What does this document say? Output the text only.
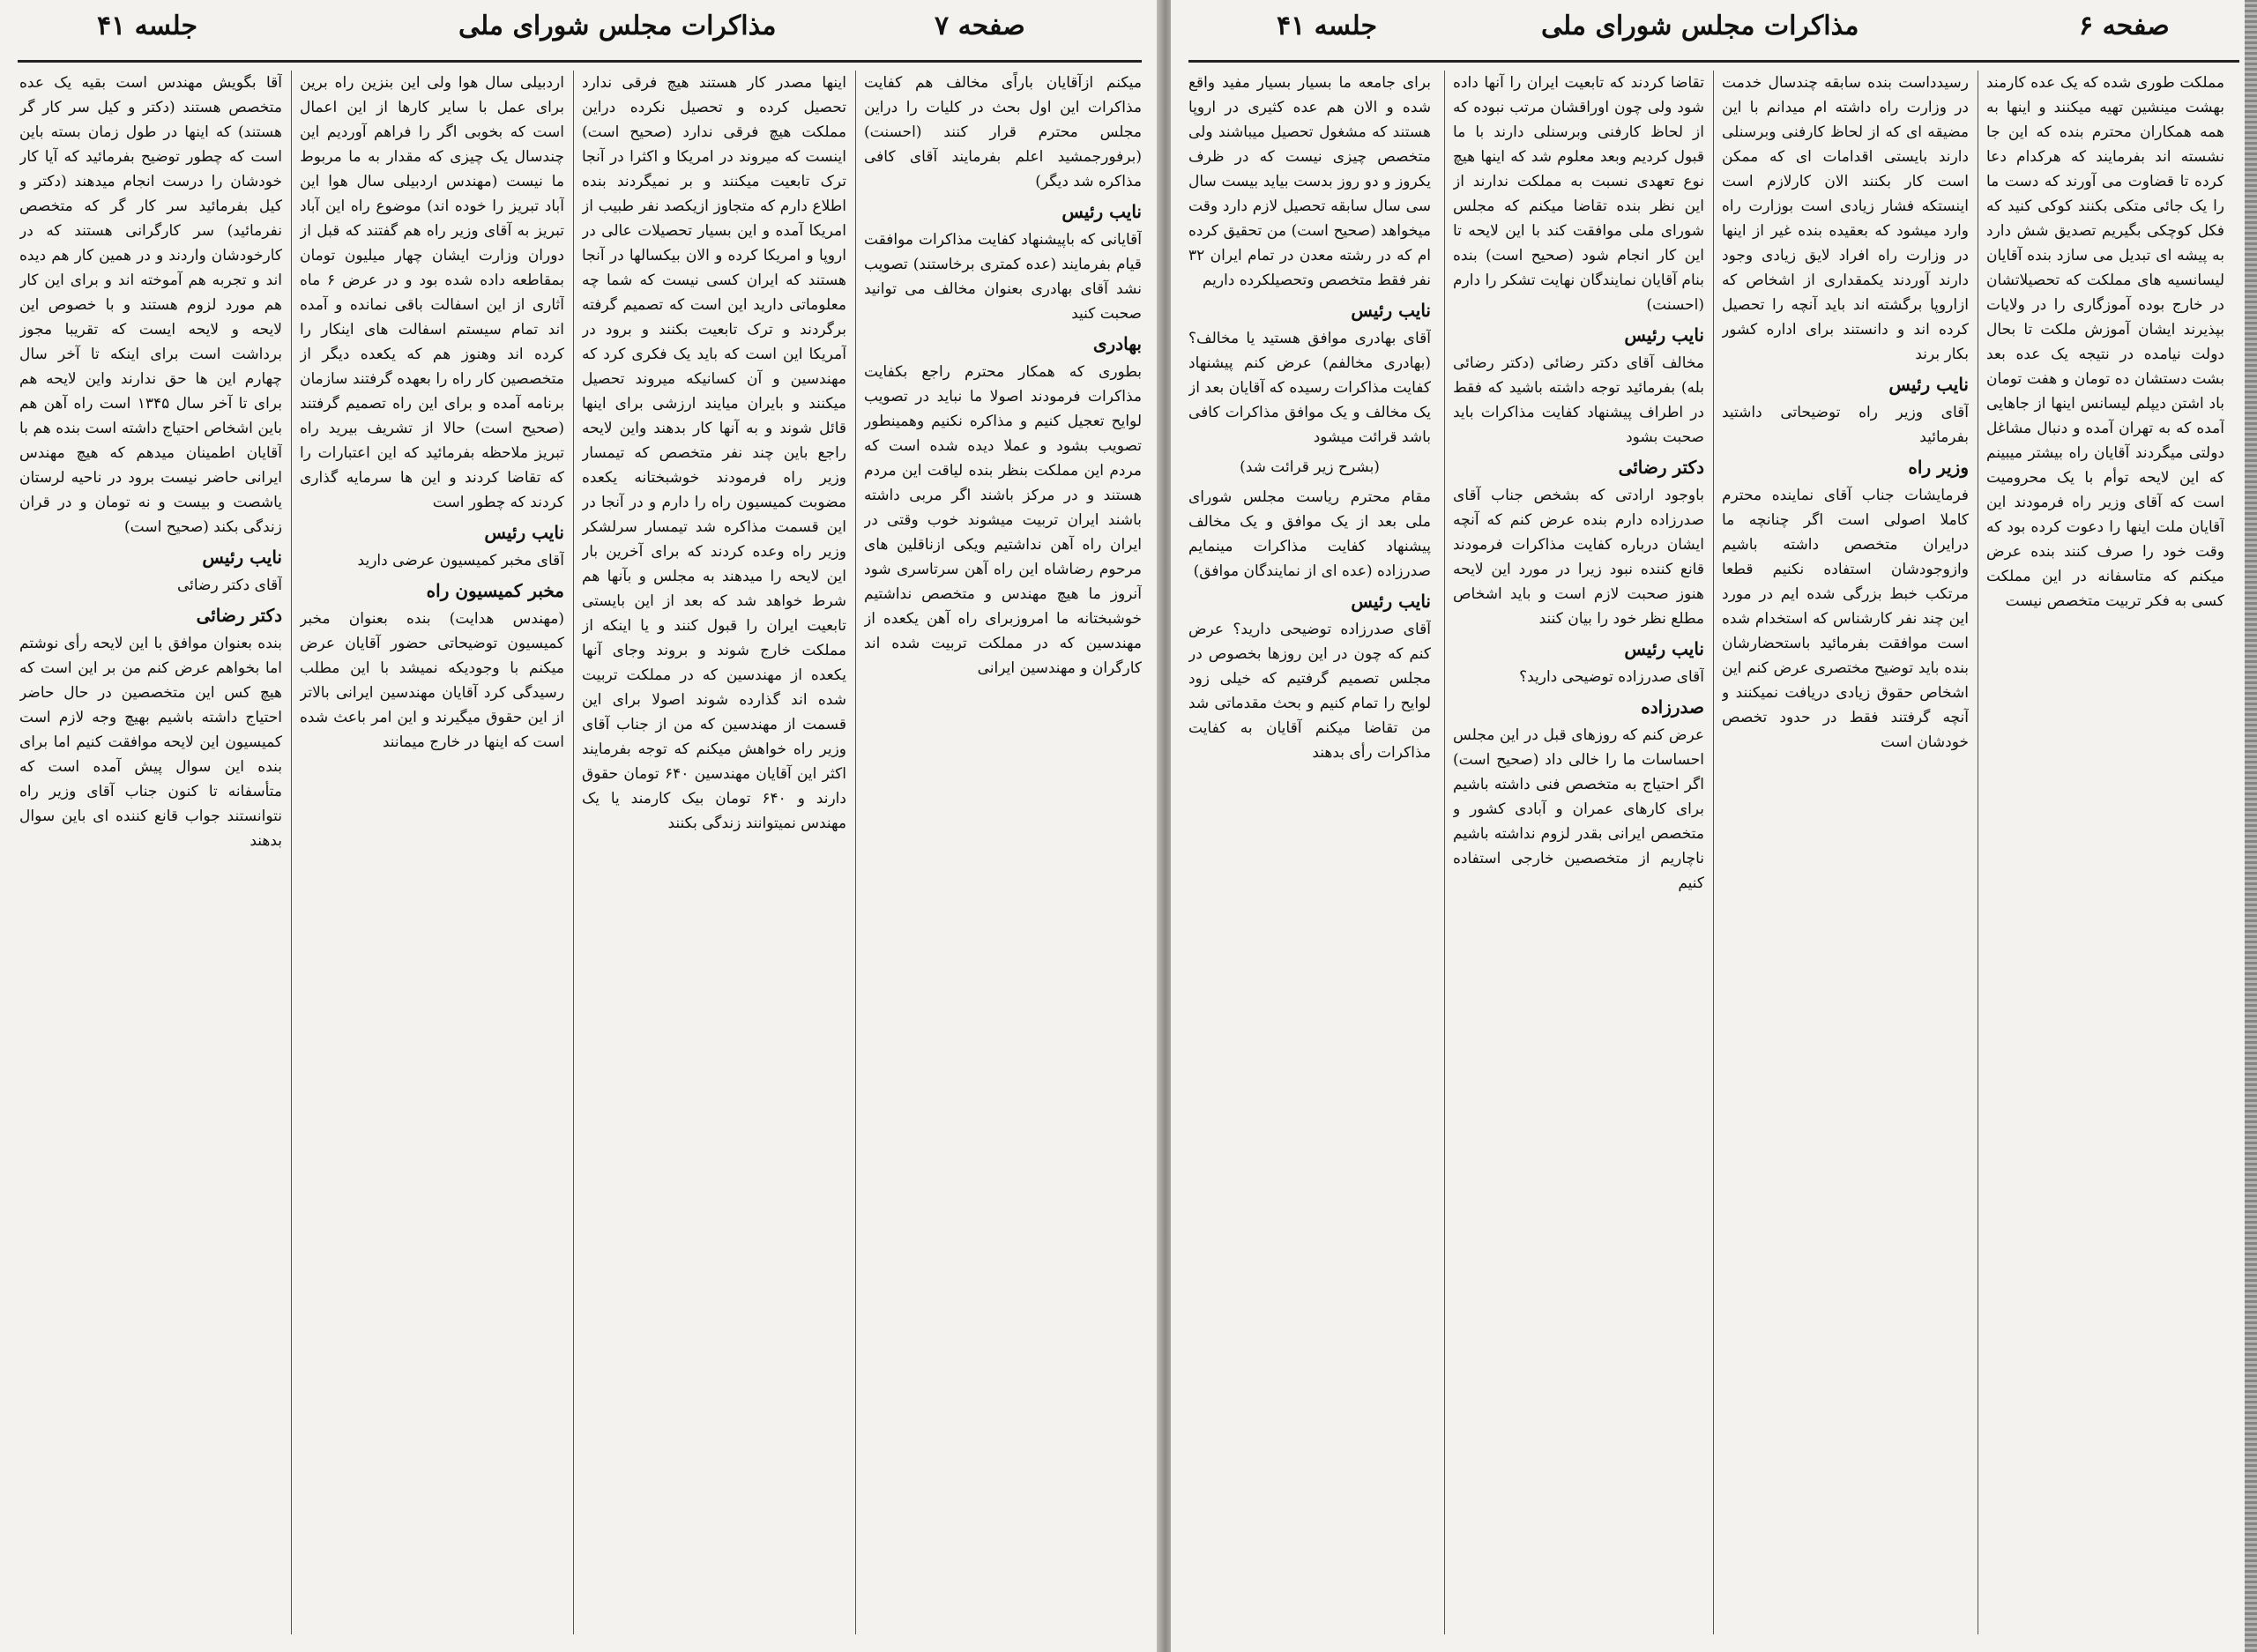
جلسه ۴۱	مذاکرات مجلس شورای ملی	صفحه ۷

میکنم ازآقایان باراًی مخالف هم کفایت مذاکرات این اول بحث در کلیات را دراین مجلس محترم قرار کنند (احسنت) (برفورجمشید اعلم بفرمایند آقای کافی مذاکره شد دیگر)

نایب رئیس

آقایانی که باپیشنهاد کفایت مذاکرات موافقت قیام بفرمایند (عده کمتری برخاستند) تصویب نشد آقای بهادری بعنوان مخالف می توانید صحبت کنید

بهادری

بطوری که همکار محترم راجع بکفایت مذاکرات فرمودند اصولا ما نباید در تصویب لوایح تعجیل کنیم و مذاکره نکنیم وهمینطور تصویب بشود و عملا دیده شده است که مردم این مملکت بنظر بنده لیاقت این مردم هستند و در مرکز باشند اگر مربی داشته باشند ایران تربیت میشوند خوب وقتی در ایران راه آهن نداشتیم ویکی ازناقلین های مرحوم رضاشاه این راه آهن سرتاسری شود آنروز ما هیچ مهندس و متخصص نداشتیم خوشبختانه ما امروزبرای راه آهن یکعده از مهندسین که در مملکت تربیت شده اند کارگران و مهندسین ایرانی

اینها مصدر کار هستند هیچ فرقی ندارد تحصیل کرده و تحصیل نکرده دراین مملکت هیچ فرقی ندارد (صحیح است) اینست که میروند در امریکا و اکثرا در آنجا ترک تابعیت میکنند و بر نمیگردند بنده اطلاع دارم که متجاوز ازیکصد نفر طبیب از امریکا آمده و این بسیار تحصیلات عالی در اروپا و امریکا کرده و الان بیکسالها در آنجا هستند که ایران کسی نیست که شما چه معلوماتی دارید این است که تصمیم گرفته برگردند و ترک تابعیت بکنند و برود در آمریکا این است که باید یک فکری کرد که مهندسین و آن کسانیکه میروند تحصیل میکنند و بایران میایند ارزشی برای اینها قائل شوند و به آنها کار بدهند واین لایحه راجع باین چند نفر متخصص که تیمسار وزیر راه فرمودند خوشبختانه یکعده مضوبت کمیسیون راه را دارم و در آنجا در این قسمت مذاکره شد تیمسار سرلشکر وزیر راه وعده کردند که برای آخرین بار این لایحه را میدهند به مجلس و بآنها هم شرط خواهد شد که بعد از این بایستی تابعیت ایران را قبول کنند و یا اینکه از مملکت خارج شوند و بروند وجای آنها یکعده از مهندسین که در مملکت تربیت شده اند گذارده شوند اصولا برای این قسمت از مهندسین که من از جناب آقای وزیر راه خواهش میکنم که توجه بفرمایند اکثر این آقایان مهندسین ۶۴۰ تومان حقوق دارند و ۶۴۰ تومان بیک کارمند یا یک مهندس نمیتوانند زندگی بکنند

اردبیلی سال هوا ولی این بنزین راه برین برای عمل با سایر کارها از این اعمال است که بخوبی اگر را فراهم آوردیم این چندسال یک چیزی که مقدار به ما مربوط ما نیست (مهندس اردبیلی سال هوا این آباد تبریز را خوده اند) موضوع راه این آباد تبریز به آقای وزیر راه هم گفتند که قبل از دوران وزارت ایشان چهار میلیون تومان بمقاطعه داده شده بود و در عرض ۶ ماه آثاری از این اسفالت باقی نمانده و آمده اند تمام سیستم اسفالت های اینکار را کرده اند وهنوز هم که یکعده دیگر از متخصصین کار راه را بعهده گرفتند سازمان برنامه آمده و برای این راه تصمیم گرفتند (صحیح است) حالا از تشریف بیرید راه تبریز ملاحظه بفرمائید که این اعتبارات را که تقاضا کردند و این ها سرمایه گذاری کردند که چطور است

نایب رئیس

آقای مخبر کمیسیون عرضی دارید

مخبر کمیسیون راه

(مهندس هدایت) بنده بعنوان مخبر کمیسیون توضیحاتی حضور آقایان عرض میکنم با وجودیکه نمیشد با این مطلب رسیدگی کرد آقایان مهندسین ایرانی بالاتر از این حقوق میگیرند و این امر باعث شده است که اینها در خارج میمانند

آقا بگویش مهندس است بقیه یک عده متخصص هستند (دکتر و کیل سر کار گر هستند) که اینها در طول زمان بسته باین است که چطور توضیح بفرمائید که آیا کار خودشان را درست انجام میدهند (دکتر و کیل بفرمائید سر کار گر که متخصص نفرمائید) سر کارگرانی هستند که در کارخودشان واردند و در همین کار هم دیده اند و تجربه هم آموخته اند و برای این کار هم مورد لزوم هستند و با خصوص این لایحه و لایحه ایست که تقریبا مجوز برداشت است برای اینکه تا آخر سال چهارم این ها حق ندارند واین لایحه هم برای تا آخر سال ۱۳۴۵ است راه آهن هم باین اشخاص احتیاج داشته است بنده هم با آقایان اطمینان میدهم که هیچ مهندس ایرانی حاضر نیست برود در ناحیه لرستان یاشصت و بیست و نه تومان و در قران زندگی بکند (صحیح است)

نایب رئیس

آقای دکتر رضائی

دکتر رضائی

بنده بعنوان موافق با این لایحه رأی نوشتم اما بخواهم عرض کنم من بر این است که هیچ کس این متخصصین در حال حاضر احتیاج داشته باشیم بهیچ وجه لازم است کمیسیون این لایحه موافقت کنیم اما برای بنده این سوال پیش آمده است که متأسفانه تا کنون جناب آقای وزیر راه نتوانستند جواب قانع کننده ای باین سوال بدهند

صفحه ۶
مذاکرات مجلس شورای ملی
جلسه ۴۱

مملکت طوری شده که یک عده کارمند بهشت مینشین تهیه میکنند و اینها به همه همکاران محترم بنده که این جا نشسته اند بفرمایند که هرکدام دعا کرده تا قضاوت می آورند که دست ما را یک جائی متکی بکنند کوکی کنید که فکل کوچکی بگیریم تصدیق شش دارد به پیشه ای تبدیل می سازد بنده آقایان لیسانسیه های مملکت که تحصیلاتشان در خارج بوده آموزگاری را در ولایات بپذیرند ایشان آموزش ملکت تا بحال دولت نیامده در نتیجه یک عده بعد بشت دستشان ده تومان و هفت تومان باد اشتن دیپلم لیسانس اینها از جاهایی آمده که به تهران آمده و دنبال مشاغل دولتی میگردند آقایان راه بیشتر میبینم که این لایحه توأم با یک محرومیت است که آقای وزیر راه فرمودند این آقایان ملت اینها را دعوت کرده بود که وقت خود را صرف کنند بنده عرض میکنم که متاسفانه در این مملکت کسی به فکر تربیت متخصص نیست

رسیدداست بنده سابقه چندسال خدمت در وزارت راه داشته ام میدانم با این مضیقه ای که از لحاظ کارفنی وبرسنلی دارند بایستی اقدامات ای که ممکن است کار بکنند الان کارلازم است اینستکه فشار زیادی است بوزارت راه وارد میشود که بعقیده بنده غیر از اینها در وزارت راه افراد لایق زیادی وجود دارند آوردند یکمقداری از اشخاص که ازاروپا برگشته اند باید آنچه را تحصیل کرده اند و دانستند برای اداره کشور بکار برند

نایب رئیس

آقای وزیر راه توضیحاتی داشتید بفرمائید

وزیر راه

فرمایشات جناب آقای نماینده محترم کاملا اصولی است اگر چنانچه ما درایران متخصص داشته باشیم وازوجودشان استفاده نکنیم قطعا مرتکب خبط بزرگی شده ایم در مورد این چند نفر کارشناس که استخدام شده است موافقت بفرمائید باستحضارشان بنده باید توضیح مختصری عرض کنم این اشخاص حقوق زیادی دریافت نمیکنند و آنچه گرفتند فقط در حدود تخصص خودشان است

تقاضا کردند که تابعیت ایران را آنها داده شود ولی چون اوراقشان مرتب نبوده که از لحاظ کارفنی وبرسنلی دارند با ما قبول کردیم وبعد معلوم شد که اینها هیچ نوع تعهدی نسبت به مملکت ندارند از این نظر بنده تقاضا میکنم که مجلس شورای ملی موافقت کند با این لایحه تا این کار انجام شود (صحیح است) بنده بنام آقایان نمایندگان نهایت تشکر را دارم (احسنت)

نایب رئیس

مخالف آقای دکتر رضائی (دکتر رضائی بله) بفرمائید توجه داشته باشید که فقط در اطراف پیشنهاد کفایت مذاکرات باید صحبت بشود

دکتر رضائی

باوجود ارادتی که بشخص جناب آقای صدرزاده دارم بنده عرض کنم که آنچه ایشان درباره کفایت مذاکرات فرمودند قانع کننده نبود زیرا در مورد این لایحه هنوز صحبت لازم است و باید اشخاص مطلع نظر خود را بیان کنند

نایب رئیس

آقای صدرزاده توضیحی دارید؟

صدرزاده

عرض کنم که روزهای قبل در این مجلس احساسات ما را خالی داد (صحیح است) اگر احتیاج به متخصص فنی داشته باشیم برای کارهای عمران و آبادی کشور و متخصص ایرانی بقدر لزوم نداشته باشیم ناچاریم از متخصصین خارجی استفاده کنیم

برای جامعه ما بسیار بسیار مفید واقع شده و الان هم عده کثیری در اروپا هستند که مشغول تحصیل میباشند ولی متخصص چیزی نیست که در ظرف یکروز و دو روز بدست بیاید بیست سال سی سال سابقه تحصیل لازم دارد وقت میخواهد (صحیح است) من تحقیق کرده ام که در رشته معدن در تمام ایران ۳۲ نفر فقط متخصص وتحصیلکرده داریم

نایب رئیس

آقای بهادری موافق هستید یا مخالف؟ (بهادری مخالفم) عرض کنم پیشنهاد کفایت مذاکرات رسیده که آقایان بعد از یک مخالف و یک موافق مذاکرات کافی باشد قرائت میشود

(بشرح زیر قرائت شد)

مقام محترم ریاست مجلس شورای ملی بعد از یک موافق و یک مخالف پیشنهاد کفایت مذاکرات مینمایم صدرزاده (عده ای از نمایندگان موافق)

نایب رئیس

آقای صدرزاده توضیحی دارید؟ عرض کنم که چون در این روزها بخصوص در مجلس تصمیم گرفتیم که خیلی زود لوایح را تمام کنیم و بحث مقدماتی شد من تقاضا میکنم آقایان به کفایت مذاکرات رأی بدهند
